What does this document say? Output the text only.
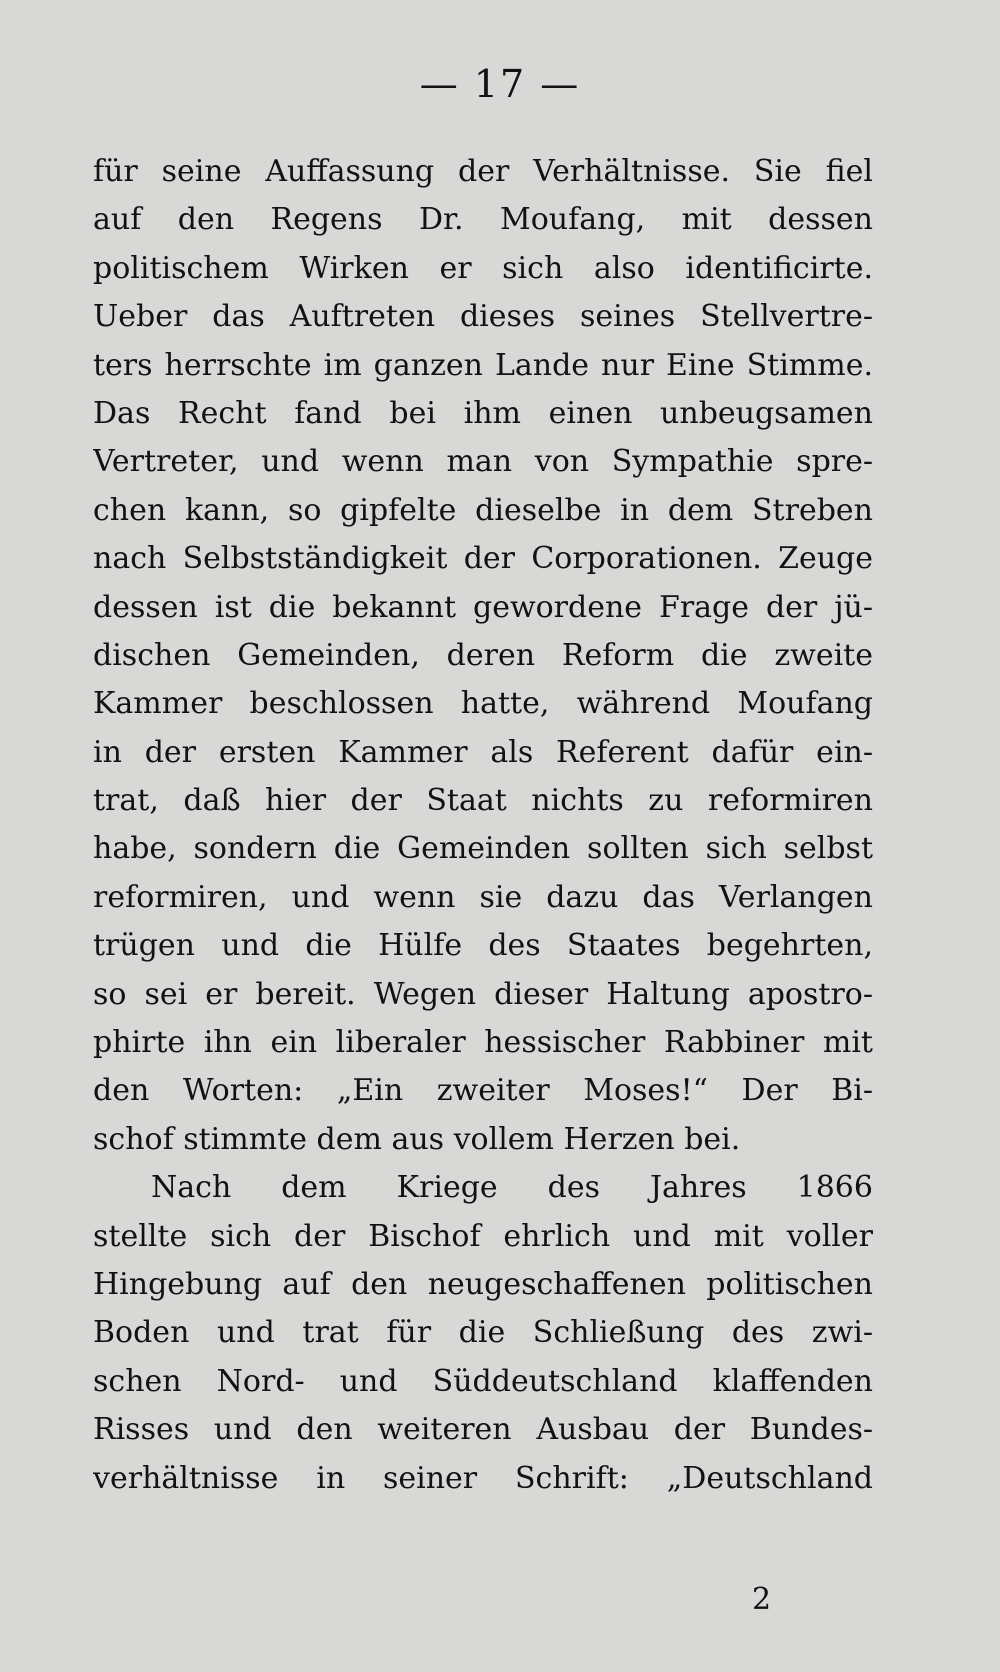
— 17 —
für seine Auffassung der Verhältnisse. Sie fiel
auf den Regens Dr. Moufang, mit dessen
politischem Wirken er sich also identificirte.
Ueber das Auftreten dieses seines Stellvertre-
ters herrschte im ganzen Lande nur Eine Stimme.
Das Recht fand bei ihm einen unbeugsamen
Vertreter, und wenn man von Sympathie spre-
chen kann, so gipfelte dieselbe in dem Streben
nach Selbstständigkeit der Corporationen. Zeuge
dessen ist die bekannt gewordene Frage der jü-
dischen Gemeinden, deren Reform die zweite
Kammer beschlossen hatte, während Moufang
in der ersten Kammer als Referent dafür ein-
trat, daß hier der Staat nichts zu reformiren
habe, sondern die Gemeinden sollten sich selbst
reformiren, und wenn sie dazu das Verlangen
trügen und die Hülfe des Staates begehrten,
so sei er bereit. Wegen dieser Haltung apostro-
phirte ihn ein liberaler hessischer Rabbiner mit
den Worten: „Ein zweiter Moses!“ Der Bi-
schof stimmte dem aus vollem Herzen bei.
Nach dem Kriege des Jahres 1866
stellte sich der Bischof ehrlich und mit voller
Hingebung auf den neugeschaffenen politischen
Boden und trat für die Schließung des zwi-
schen Nord- und Süddeutschland klaffenden
Risses und den weiteren Ausbau der Bundes-
verhältnisse in seiner Schrift: „Deutschland
2
